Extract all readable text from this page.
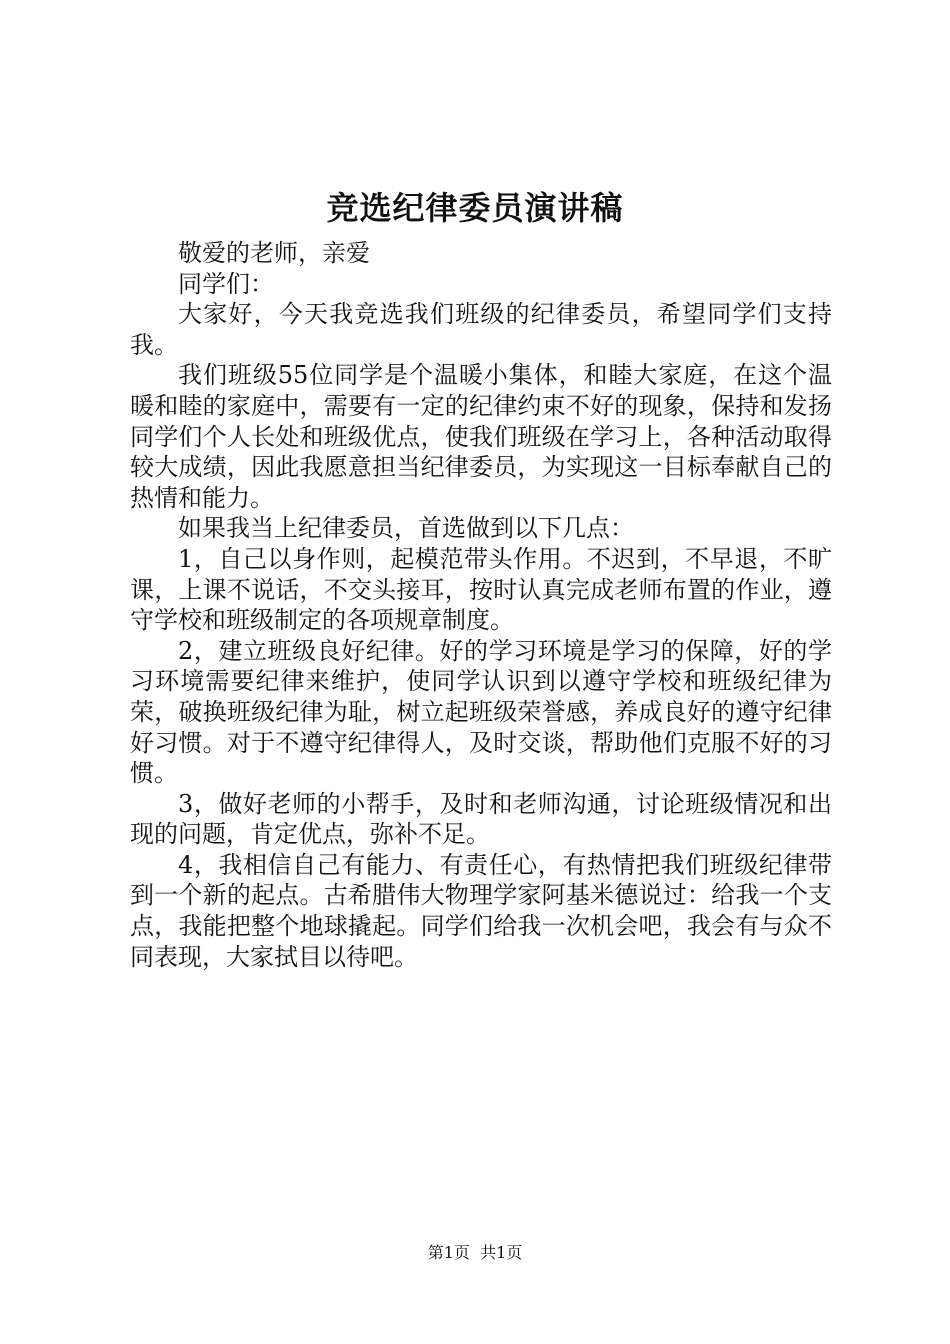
竞选纪律委员演讲稿

敬爱的老师，亲爱

同学们：

大家好，今天我竞选我们班级的纪律委员，希望同学们支持我。

我们班级55位同学是个温暖小集体，和睦大家庭，在这个温暖和睦的家庭中，需要有一定的纪律约束不好的现象，保持和发扬同学们个人长处和班级优点，使我们班级在学习上，各种活动取得较大成绩，因此我愿意担当纪律委员，为实现这一目标奉献自己的热情和能力。

如果我当上纪律委员，首选做到以下几点：

1，自己以身作则，起模范带头作用。不迟到，不早退，不旷课，上课不说话，不交头接耳，按时认真完成老师布置的作业，遵守学校和班级制定的各项规章制度。

2，建立班级良好纪律。好的学习环境是学习的保障，好的学习环境需要纪律来维护，使同学认识到以遵守学校和班级纪律为荣，破换班级纪律为耻，树立起班级荣誉感，养成良好的遵守纪律好习惯。对于不遵守纪律得人，及时交谈，帮助他们克服不好的习惯。

3，做好老师的小帮手，及时和老师沟通，讨论班级情况和出现的问题，肯定优点，弥补不足。

4，我相信自己有能力、有责任心，有热情把我们班级纪律带到一个新的起点。古希腊伟大物理学家阿基米德说过：给我一个支点，我能把整个地球撬起。同学们给我一次机会吧，我会有与众不同表现，大家拭目以待吧。

第1页 共1页
